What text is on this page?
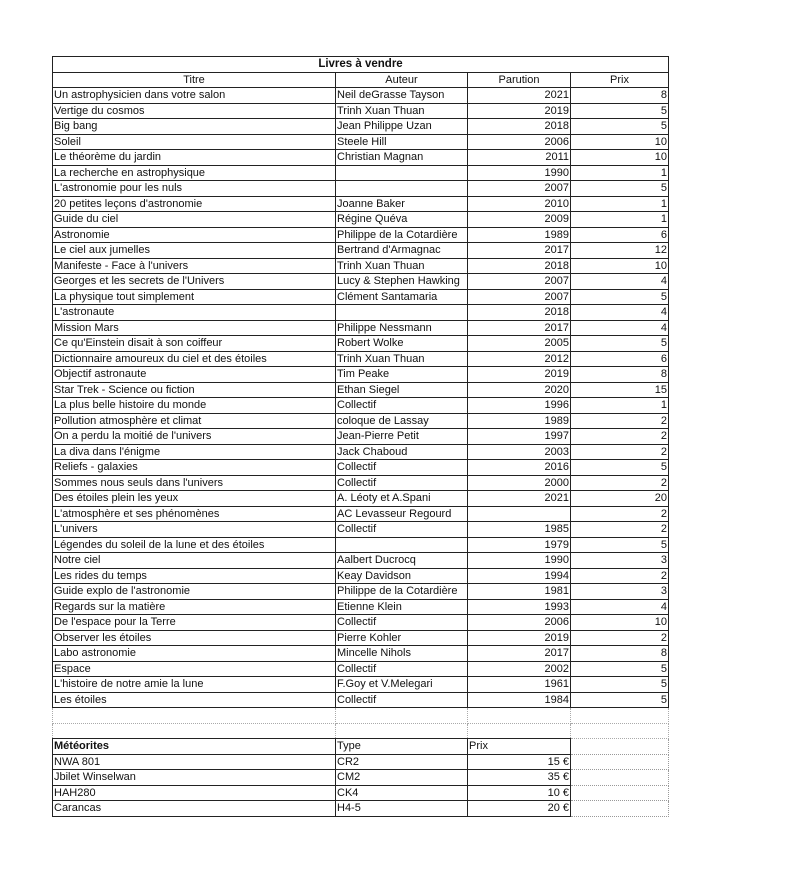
Livres à vendre			
Titre	Auteur	Parution	Prix
Un astrophysicien dans votre salon	Neil deGrasse Tayson	2021	8
Vertige du cosmos	Trinh Xuan Thuan	2019	5
Big bang	Jean Philippe Uzan	2018	5
Soleil	Steele Hill	2006	10
Le théorème du jardin	Christian Magnan	2011	10
La recherche en astrophysique		1990	1
L'astronomie pour les nuls		2007	5
20 petites leçons d'astronomie	Joanne Baker	2010	1
Guide du ciel	Régine Quéva	2009	1
Astronomie	Philippe de la Cotardière	1989	6
Le ciel aux jumelles	Bertrand d'Armagnac	2017	12
Manifeste - Face à l'univers	Trinh Xuan Thuan	2018	10
Georges et les secrets de l'Univers	Lucy & Stephen Hawking	2007	4
La physique tout simplement	Clément Santamaria	2007	5
L'astronaute		2018	4
Mission Mars	Philippe Nessmann	2017	4
Ce qu'Einstein disait à son coiffeur	Robert Wolke	2005	5
Dictionnaire amoureux du ciel et des étoiles	Trinh Xuan Thuan	2012	6
Objectif astronaute	Tim Peake	2019	8
Star Trek - Science ou fiction	Ethan Siegel	2020	15
La plus belle histoire du monde	Collectif	1996	1
Pollution atmosphère et climat	coloque de Lassay	1989	2
On a perdu la moitié de l'univers	Jean-Pierre Petit	1997	2
La diva dans l'énigme	Jack Chaboud	2003	2
Reliefs - galaxies	Collectif	2016	5
Sommes nous seuls dans l'univers	Collectif	2000	2
Des étoiles plein les yeux	A. Léoty et A.Spani	2021	20
L'atmosphère et ses phénomènes	AC Levasseur Regourd		2
L'univers	Collectif	1985	2
Légendes du soleil de la lune et des étoiles		1979	5
Notre ciel	Aalbert Ducrocq	1990	3
Les rides du temps	Keay Davidson	1994	2
Guide explo de l'astronomie	Philippe de la Cotardière	1981	3
Regards sur la matière	Etienne Klein	1993	4
De l'espace pour la Terre	Collectif	2006	10
Observer les étoiles	Pierre Kohler	2019	2
Labo astronomie	Mincelle Nihols	2017	8
Espace	Collectif	2002	5
L'histoire de notre amie la lune	F.Goy et V.Melegari	1961	5
Les étoiles	Collectif	1984	5

Météorites	Type	Prix	
NWA 801	CR2	15 €	
Jbilet Winselwan	CM2	35 €	
HAH280	CK4	10 €	
Carancas	H4-5	20 €	
